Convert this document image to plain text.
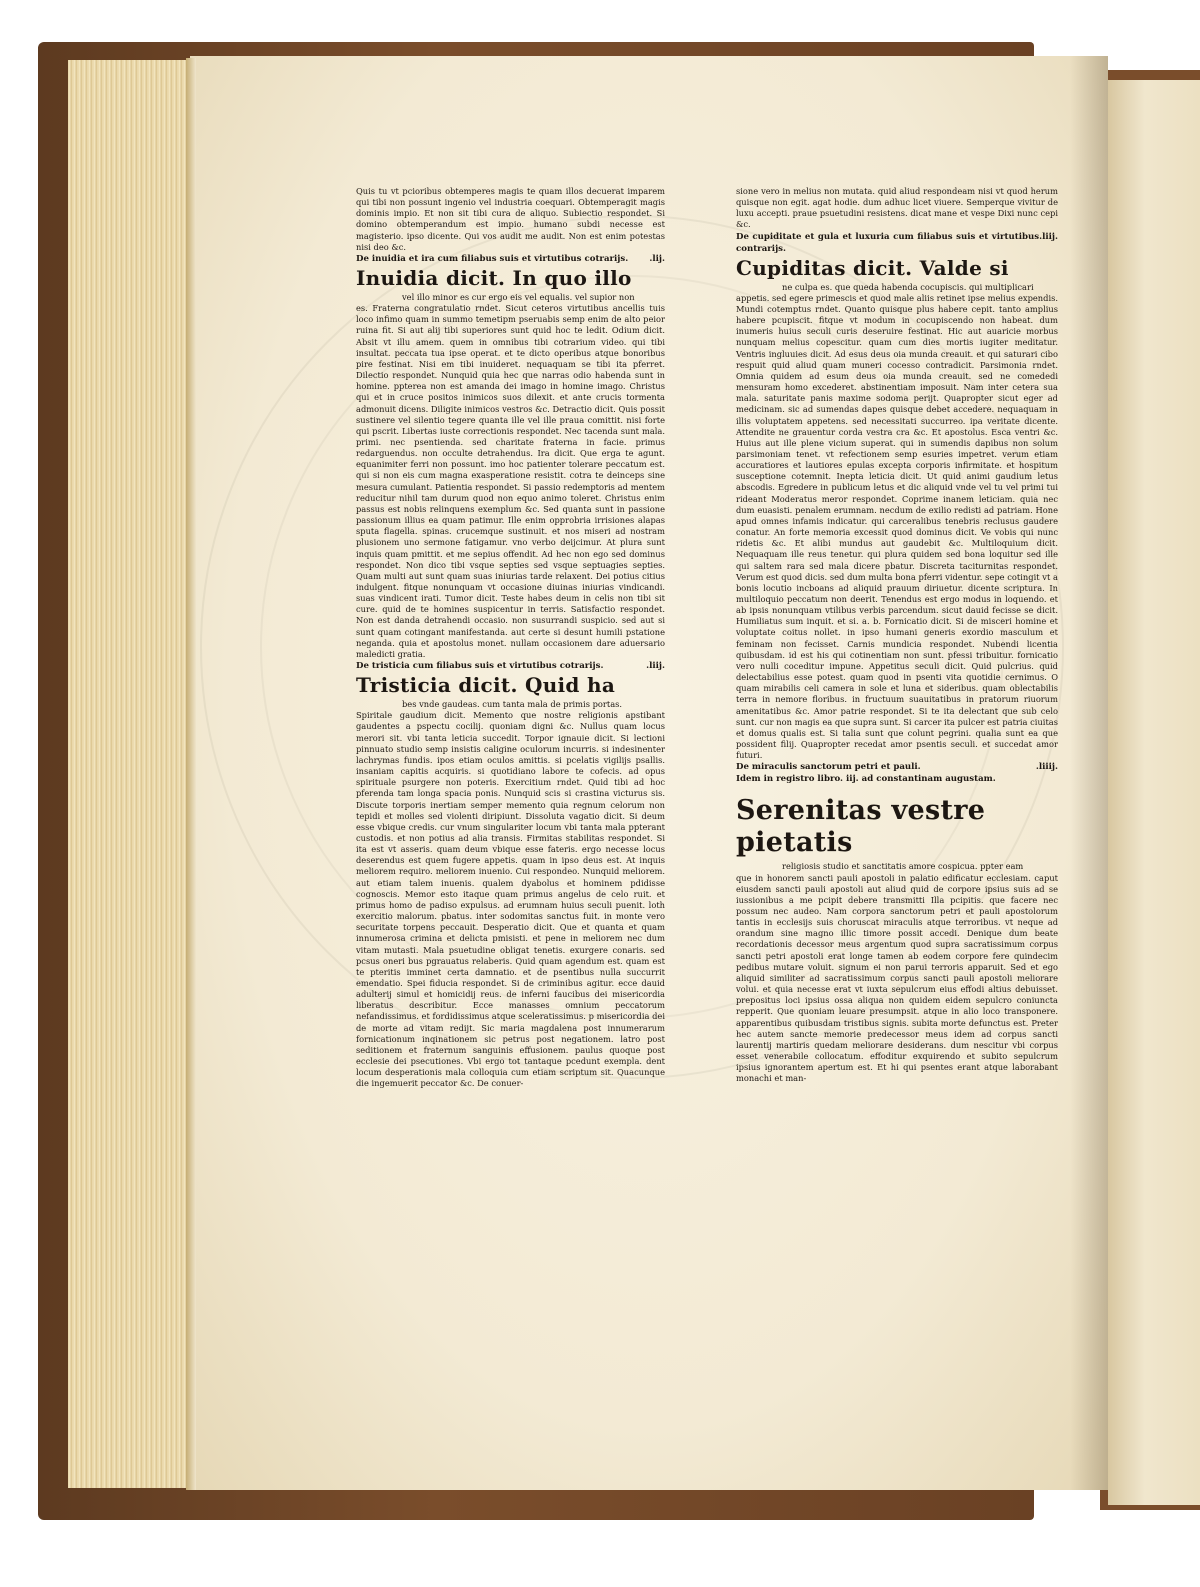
Quis tu vt pcioribus obtemperes magis te quam illos decuerat imparem qui tibi non possunt ingenio vel industria coequari. Obtemperagit magis dominis impio. Et non sit tibi cura de aliquo. Subiectio respondet. Si domino obtemperandum est impio. humano subdi necesse est magisterio. ipso dicente. Qui vos audit me audit. Non est enim potestas nisi deo &c.

De inuidia et ira cum filiabus suis et virtutibus cotrarijs. .lij.
Inuidia dicit. In quo illo

vel illo minor es cur ergo eis vel equalis. vel supior non

es. Fraterna congratulatio rndet. Sicut ceteros virtutibus ancellis tuis loco infimo quam in summo temetipm pseruabis semp enim de alto peior ruina fit. Si aut alij tibi superiores sunt quid hoc te ledit. Odium dicit. Absit vt illu amem. quem in omnibus tibi cotrarium video. qui tibi insultat. peccata tua ipse operat. et te dicto operibus atque bonoribus pire festinat. Nisi em tibi inuideret. nequaquam se tibi ita pferret. Dilectio respondet. Nunquid quia hec que narras odio habenda sunt in homine. ppterea non est amanda dei imago in homine imago. Christus qui et in cruce positos inimicos suos dilexit. et ante crucis tormenta admonuit dicens. Diligite inimicos vestros &c. Detractio dicit. Quis possit sustinere vel silentio tegere quanta ille vel ille praua comittit. nisi forte qui pscrit. Libertas iuste correctionis respondet. Nec tacenda sunt mala. primi. nec psentienda. sed charitate fraterna in facie. primus redarguendus. non occulte detrahendus. Ira dicit. Que erga te agunt. equanimiter ferri non possunt. imo hoc patienter tolerare peccatum est. qui si non eis cum magna exasperatione resistit. cotra te deinceps sine mesura cumulant. Patientia respondet. Si passio redemptoris ad mentem reducitur nihil tam durum quod non equo animo toleret. Christus enim passus est nobis relinquens exemplum &c. Sed quanta sunt in passione passionum illius ea quam patimur. Ille enim opprobria irrisiones alapas sputa flagella. spinas. crucemque sustinuit. et nos miseri ad nostram plusionem uno sermone fatigamur. vno verbo deijcimur. At plura sunt inquis quam pmittit. et me sepius offendit. Ad hec non ego sed dominus respondet. Non dico tibi vsque septies sed vsque septuagies septies. Quam multi aut sunt quam suas iniurias tarde relaxent. Dei potius citius indulgent. fitque nonunquam vt occasione diuinas iniurias vindicandi. suas vindicent irati. Tumor dicit. Teste habes deum in celis non tibi sit cure. quid de te homines suspicentur in terris. Satisfactio respondet. Non est danda detrahendi occasio. non susurrandi suspicio. sed aut si sunt quam cotingant manifestanda. aut certe si desunt humili pstatione neganda. quia et apostolus monet. nullam occasionem dare aduersario maledicti gratia.

De tristicia cum filiabus suis et virtutibus cotrarijs.	.liij.
Tristicia dicit. Quid ha

bes vnde gaudeas. cum tanta mala de primis portas.

Spiritale gaudium dicit. Memento que nostre religionis apstibant gaudentes a pspectu cocilij. quoniam digni &c. Nullus quam locus merori sit. vbi tanta leticia succedit. Torpor ignauie dicit. Si lectioni pinnuato studio semp insistis caligine oculorum incurris. si indesinenter lachrymas fundis. ipos etiam oculos amittis. si pcelatis vigilijs psallis. insaniam capitis acquiris. si quotidiano labore te cofecis. ad opus spirituale psurgere non poteris. Exercitium rndet. Quid tibi ad hoc pferenda tam longa spacia ponis. Nunquid scis si crastina victurus sis. Discute torporis inertiam semper memento quia regnum celorum non tepidi et molles sed violenti diripiunt. Dissoluta vagatio dicit. Si deum esse vbique credis. cur vnum singulariter locum vbi tanta mala ppterant custodis. et non potius ad alia transis. Firmitas stabilitas respondet. Si ita est vt asseris. quam deum vbique esse fateris. ergo necesse locus deserendus est quem fugere appetis. quam in ipso deus est. At inquis meliorem requiro. meliorem inuenio. Cui respondeo. Nunquid meliorem. aut etiam talem inuenis. qualem dyabolus et hominem pdidisse cognoscis. Memor esto itaque quam primus angelus de celo ruit. et primus homo de padiso expulsus. ad erumnam huius seculi puenit. loth exercitio malorum. pbatus. inter sodomitas sanctus fuit. in monte vero securitate torpens peccauit. Desperatio dicit. Que et quanta et quam innumerosa crimina et delicta pmisisti. et pene in meliorem nec dum vitam mutasti. Mala psuetudine obligat tenetis. exurgere conaris. sed pcsus oneri bus pgrauatus relaberis. Quid quam agendum est. quam est te pteritis imminet certa damnatio. et de psentibus nulla succurrit emendatio. Spei fiducia respondet. Si de criminibus agitur. ecce dauid adulterij simul et homicidij reus. de inferni faucibus dei misericordia liberatus describitur. Ecce manasses omnium peccatorum nefandissimus. et fordidissimus atque sceleratissimus. p misericordia dei de morte ad vitam redijt. Sic maria magdalena post innumerarum fornicationum inqinationem sic petrus post negationem. latro post seditionem et fraternum sanguinis effusionem. paulus quoque post ecclesie dei psecutiones. Vbi ergo tot tantaque pcedunt exempla. dent locum desperationis mala colloquia cum etiam scriptum sit. Quacunque die ingemuerit peccator &c. De conuer-

sione vero in melius non mutata. quid aliud respondeam nisi vt quod herum quisque non egit. agat hodie. dum adhuc licet viuere. Semperque vivitur de luxu accepti. praue psuetudini resistens. dicat mane et vespe Dixi nunc cepi &c.

De cupiditate et gula et luxuria cum filiabus suis et virtutibus contrarijs.
.liij.
Cupiditas dicit. Valde si

ne culpa es. que queda habenda cocupiscis. qui multiplicari

appetis. sed egere primescis et quod male aliis retinet ipse melius expendis. Mundi cotemptus rndet. Quanto quisque plus habere cepit. tanto amplius habere pcupiscit. fitque vt modum in cocupiscendo non habeat. dum inumeris huius seculi curis deseruire festinat. Hic aut auaricie morbus nunquam melius copescitur. quam cum dies mortis iugiter meditatur. Ventris ingluuies dicit. Ad esus deus oia munda creauit. et qui saturari cibo respuit quid aliud quam muneri cocesso contradicit. Parsimonia rndet. Omnia quidem ad esum deus oia munda creauit. sed ne comededi mensuram homo excederet. abstinentiam imposuit. Nam inter cetera sua mala. saturitate panis maxime sodoma perijt. Quapropter sicut eger ad medicinam. sic ad sumendas dapes quisque debet accedere. nequaquam in illis voluptatem appetens. sed necessitati succurreo. ipa veritate dicente. Attendite ne grauentur corda vestra cra &c. Et apostolus. Esca ventri &c. Huius aut ille plene vicium superat. qui in sumendis dapibus non solum parsimoniam tenet. vt refectionem semp esuries impetret. verum etiam accuratiores et lautiores epulas excepta corporis infirmitate. et hospitum susceptione cotemnit. Inepta leticia dicit. Ut quid animi gaudium letus abscodis. Egredere in publicum letus et dic aliquid vnde vel tu vel primi tui rideant Moderatus meror respondet. Coprime inanem leticiam. quia nec dum euasisti. penalem erumnam. necdum de exilio redisti ad patriam. Hone apud omnes infamis indicatur. qui carceralibus tenebris reclusus gaudere conatur. An forte memoria excessit quod dominus dicit. Ve vobis qui nunc ridetis &c. Et alibi mundus aut gaudebit &c. Multiloquium dicit. Nequaquam ille reus tenetur. qui plura quidem sed bona loquitur sed ille qui saltem rara sed mala dicere pbatur. Discreta taciturnitas respondet. Verum est quod dicis. sed dum multa bona pferri videntur. sepe cotingit vt a bonis locutio incboans ad aliquid prauum diriuetur. dicente scriptura. In multiloquio peccatum non deerit. Tenendus est ergo modus in loquendo. et ab ipsis nonunquam vtilibus verbis parcendum. sicut dauid fecisse se dicit. Humiliatus sum inquit. et si. a. b. Fornicatio dicit. Si de misceri homine et voluptate coitus nollet. in ipso humani generis exordio masculum et feminam non fecisset. Carnis mundicia respondet. Nubendi licentia quibusdam. id est his qui cotinentiam non sunt. pfessi tribuitur. fornicatio vero nulli coceditur impune. Appetitus seculi dicit. Quid pulcrius. quid delectabilius esse potest. quam quod in psenti vita quotidie cernimus. O quam mirabilis celi camera in sole et luna et sideribus. quam oblectabilis terra in nemore floribus. in fructuum suauitatibus in pratorum riuorum amenitatibus &c. Amor patrie respondet. Si te ita delectant que sub celo sunt. cur non magis ea que supra sunt. Si carcer ita pulcer est patria ciuitas et domus qualis est. Si talia sunt que colunt pegrini. qualia sunt ea que possident filij. Quapropter recedat amor psentis seculi. et succedat amor futuri.

De miraculis sanctorum petri et pauli.	.liiij.
Idem in registro libro. iij. ad constantinam augustam.
Serenitas vestre pietatis

religiosis studio et sanctitatis amore cospicua. ppter eam

que in honorem sancti pauli apostoli in palatio edificatur ecclesiam. caput eiusdem sancti pauli apostoli aut aliud quid de corpore ipsius suis ad se iussionibus a me pcipit debere transmitti Illa pcipitis. que facere nec possum nec audeo. Nam corpora sanctorum petri et pauli apostolorum tantis in ecclesijs suis choruscat miraculis atque terroribus. vt neque ad orandum sine magno illic timore possit accedi. Denique dum beate recordationis decessor meus argentum quod supra sacratissimum corpus sancti petri apostoli erat longe tamen ab eodem corpore fere quindecim pedibus mutare voluit. signum ei non parui terroris apparuit. Sed et ego aliquid similiter ad sacratissimum corpus sancti pauli apostoli meliorare volui. et quia necesse erat vt iuxta sepulcrum eius effodi altius debuisset. prepositus loci ipsius ossa aliqua non quidem eidem sepulcro coniuncta repperit. Que quoniam leuare presumpsit. atque in alio loco transponere. apparentibus quibusdam tristibus signis. subita morte defunctus est. Preter hec autem sancte memorie predecessor meus idem ad corpus sancti laurentij martiris quedam meliorare desiderans. dum nescitur vbi corpus esset venerabile collocatum. effoditur exquirendo et subito sepulcrum ipsius ignorantem apertum est. Et hi qui psentes erant atque laborabant monachi et man-
